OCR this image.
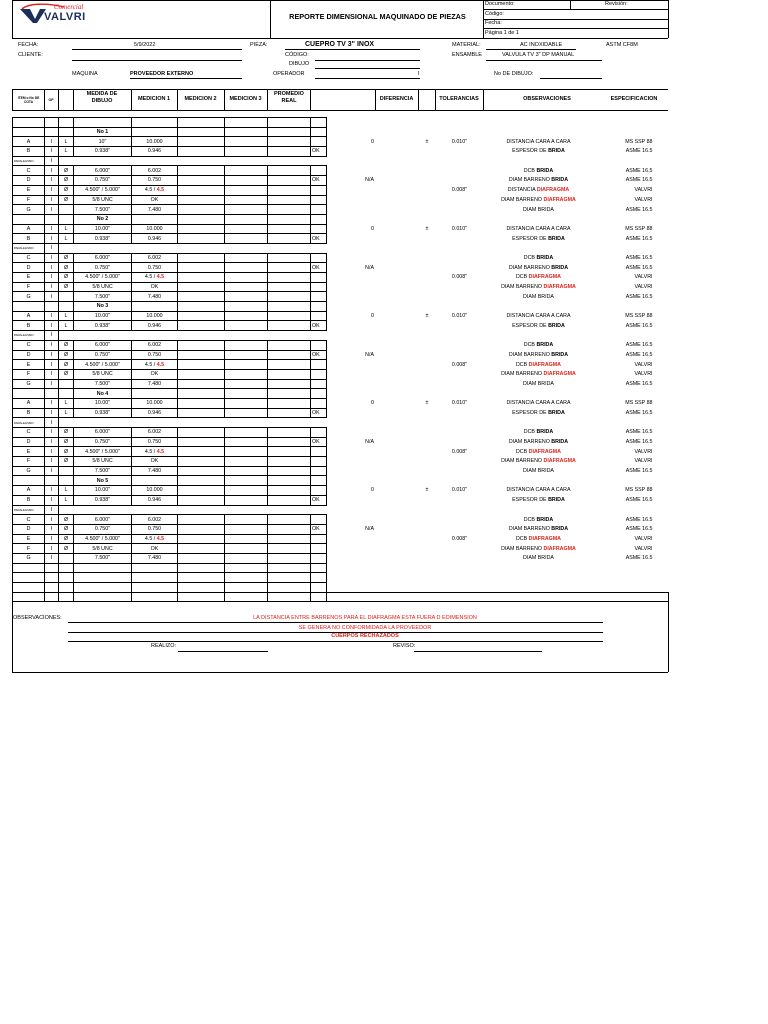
Comercial
VALVRI	REPORTE DIMENSIONAL MAQUINADO DE PIEZAS
Documento:	Revisión:
Código:
Fecha:
Página 1 de 1
FECHA:	5/9/2022	PIEZA:	CUEPRO TV 3" INOX	MATERIAL:	AC INOXIDABLE	ASTM CF8M
CLIENTE:	CÓDIGO:	ENSAMBLE	VALVULA TV 3" DP MANUAL
DIBUJO
MAQUINA	PROVEEDOR EXTERNO	OPERADOR	I	No DE DIBUJO:
ITEM o No DE COTA	OP
MEDIDA DE DIBUJO	MEDICION 1	MEDICION 2	MEDICION 3
PROMEDIO REAL	DIFERENCIA	TOLERANCIAS	OBSERVACIONES	ESPECIFICACION

			No 1											
A	I	L	10"	10.000					0		±	0.010"	DISTANCIA CARA A CARA	MS SSP 88
B	I	L	0.938"	0.946				OK					ESPESOR DE BRIDA	ASME 16.5
PARALELISMO	I													
C	I	Ø	6.000"	6.002									DCB BRIDA	ASME 16.5
D	I	Ø	0.750"	0.750				OK	N/A				DIAM BARRENO BRIDA	ASME 16.5
E	I	Ø	4.500" / 5.000"	4.5 / 4.5								0.008"	DISTANCIA DIAFRAGMA	VALVRI
F	I	Ø	5/8 UNC	OK									DIAM BARRENO DIAFRAGMA	VALVRI
G	I		7.500"	7.480									DIAM BRIDA	ASME 16.5
			No 2											
A	I	L	10.00"	10.000					0		±	0.010"	DISTANCIA CARA A CARA	MS SSP 88
B	I	L	0.938"	0.946				OK					ESPESOR DE BRIDA	ASME 16.5
PARALELISMO	I													
C	I	Ø	6.000"	6.002									DCB BRIDA	ASME 16.5
D	I	Ø	0.750"	0.750				OK	N/A				DIAM BARRENO BRIDA	ASME 16.5
E	I	Ø	4.500" / 5.000"	4.5 / 4.5								0.008"	DCB DIAFRAGMA	VALVRI
F	I	Ø	5/8 UNC	OK									DIAM BARRENO DIAFRAGMA	VALVRI
G	I		7.500"	7.480									DIAM BRIDA	ASME 16.5
			No 3											
A	I	L	10.00"	10.000					0		±	0.010"	DISTANCIA CARA A CARA	MS SSP 88
B	I	L	0.938"	0.946				OK					ESPESOR DE BRIDA	ASME 16.5
PARALELISMO	I													
C	I	Ø	6.000"	6.002									DCB BRIDA	ASME 16.5
D	I	Ø	0.750"	0.750				OK	N/A				DIAM BARRENO BRIDA	ASME 16.5
E	I	Ø	4.500" / 5.000"	4.5 / 4.5								0.008"	DCB DIAFRAGMA	VALVRI
F	I	Ø	5/8 UNC	OK									DIAM BARRENO DIAFRAGMA	VALVRI
G	I		7.500"	7.480									DIAM BRIDA	ASME 16.5
			No 4											
A	I	L	10.00"	10.000					0		±	0.010"	DISTANCIA CARA A CARA	MS SSP 88
B	I	L	0.938"	0.946				OK					ESPESOR DE BRIDA	ASME 16.5
PARALELISMO	I													
C	I	Ø	6.000"	6.002									DCB BRIDA	ASME 16.5
D	I	Ø	0.750"	0.750				OK	N/A				DIAM BARRENO BRIDA	ASME 16.5
E	I	Ø	4.500" / 5.000"	4.5 / 4.5								0.008"	DCB DIAFRAGMA	VALVRI
F	I	Ø	5/8 UNC	OK									DIAM BARRENO DIAFRAGMA	VALVRI
G	I		7.500"	7.480									DIAM BRIDA	ASME 16.5
			No 5											
A	I	L	10.00"	10.000					0		±	0.010"	DISTANCIA CARA A CARA	MS SSP 88
B	I	L	0.938"	0.946				OK					ESPESOR DE BRIDA	ASME 16.5
PARALELISMO	I													
C	I	Ø	6.000"	6.002									DCB BRIDA	ASME 16.5
D	I	Ø	0.750"	0.750				OK	N/A				DIAM BARRENO BRIDA	ASME 16.5
E	I	Ø	4.500" / 5.000"	4.5 / 4.5								0.008"	DCB DIAFRAGMA	VALVRI
F	I	Ø	5/8 UNC	OK									DIAM BARRENO DIAFRAGMA	VALVRI
G	I		7.500"	7.480									DIAM BRIDA	ASME 16.5

OBSERVACIONES:	LA DISTANCIA ENTRE BARRENOS PARA EL DIAFRAGMA ESTA FUERA D EDIMENSION
SE GENERA NO CONFORMIDADA LA PROVEEDOR
CUERPOS RECHAZADOS
REALIZO:	REVISO:
